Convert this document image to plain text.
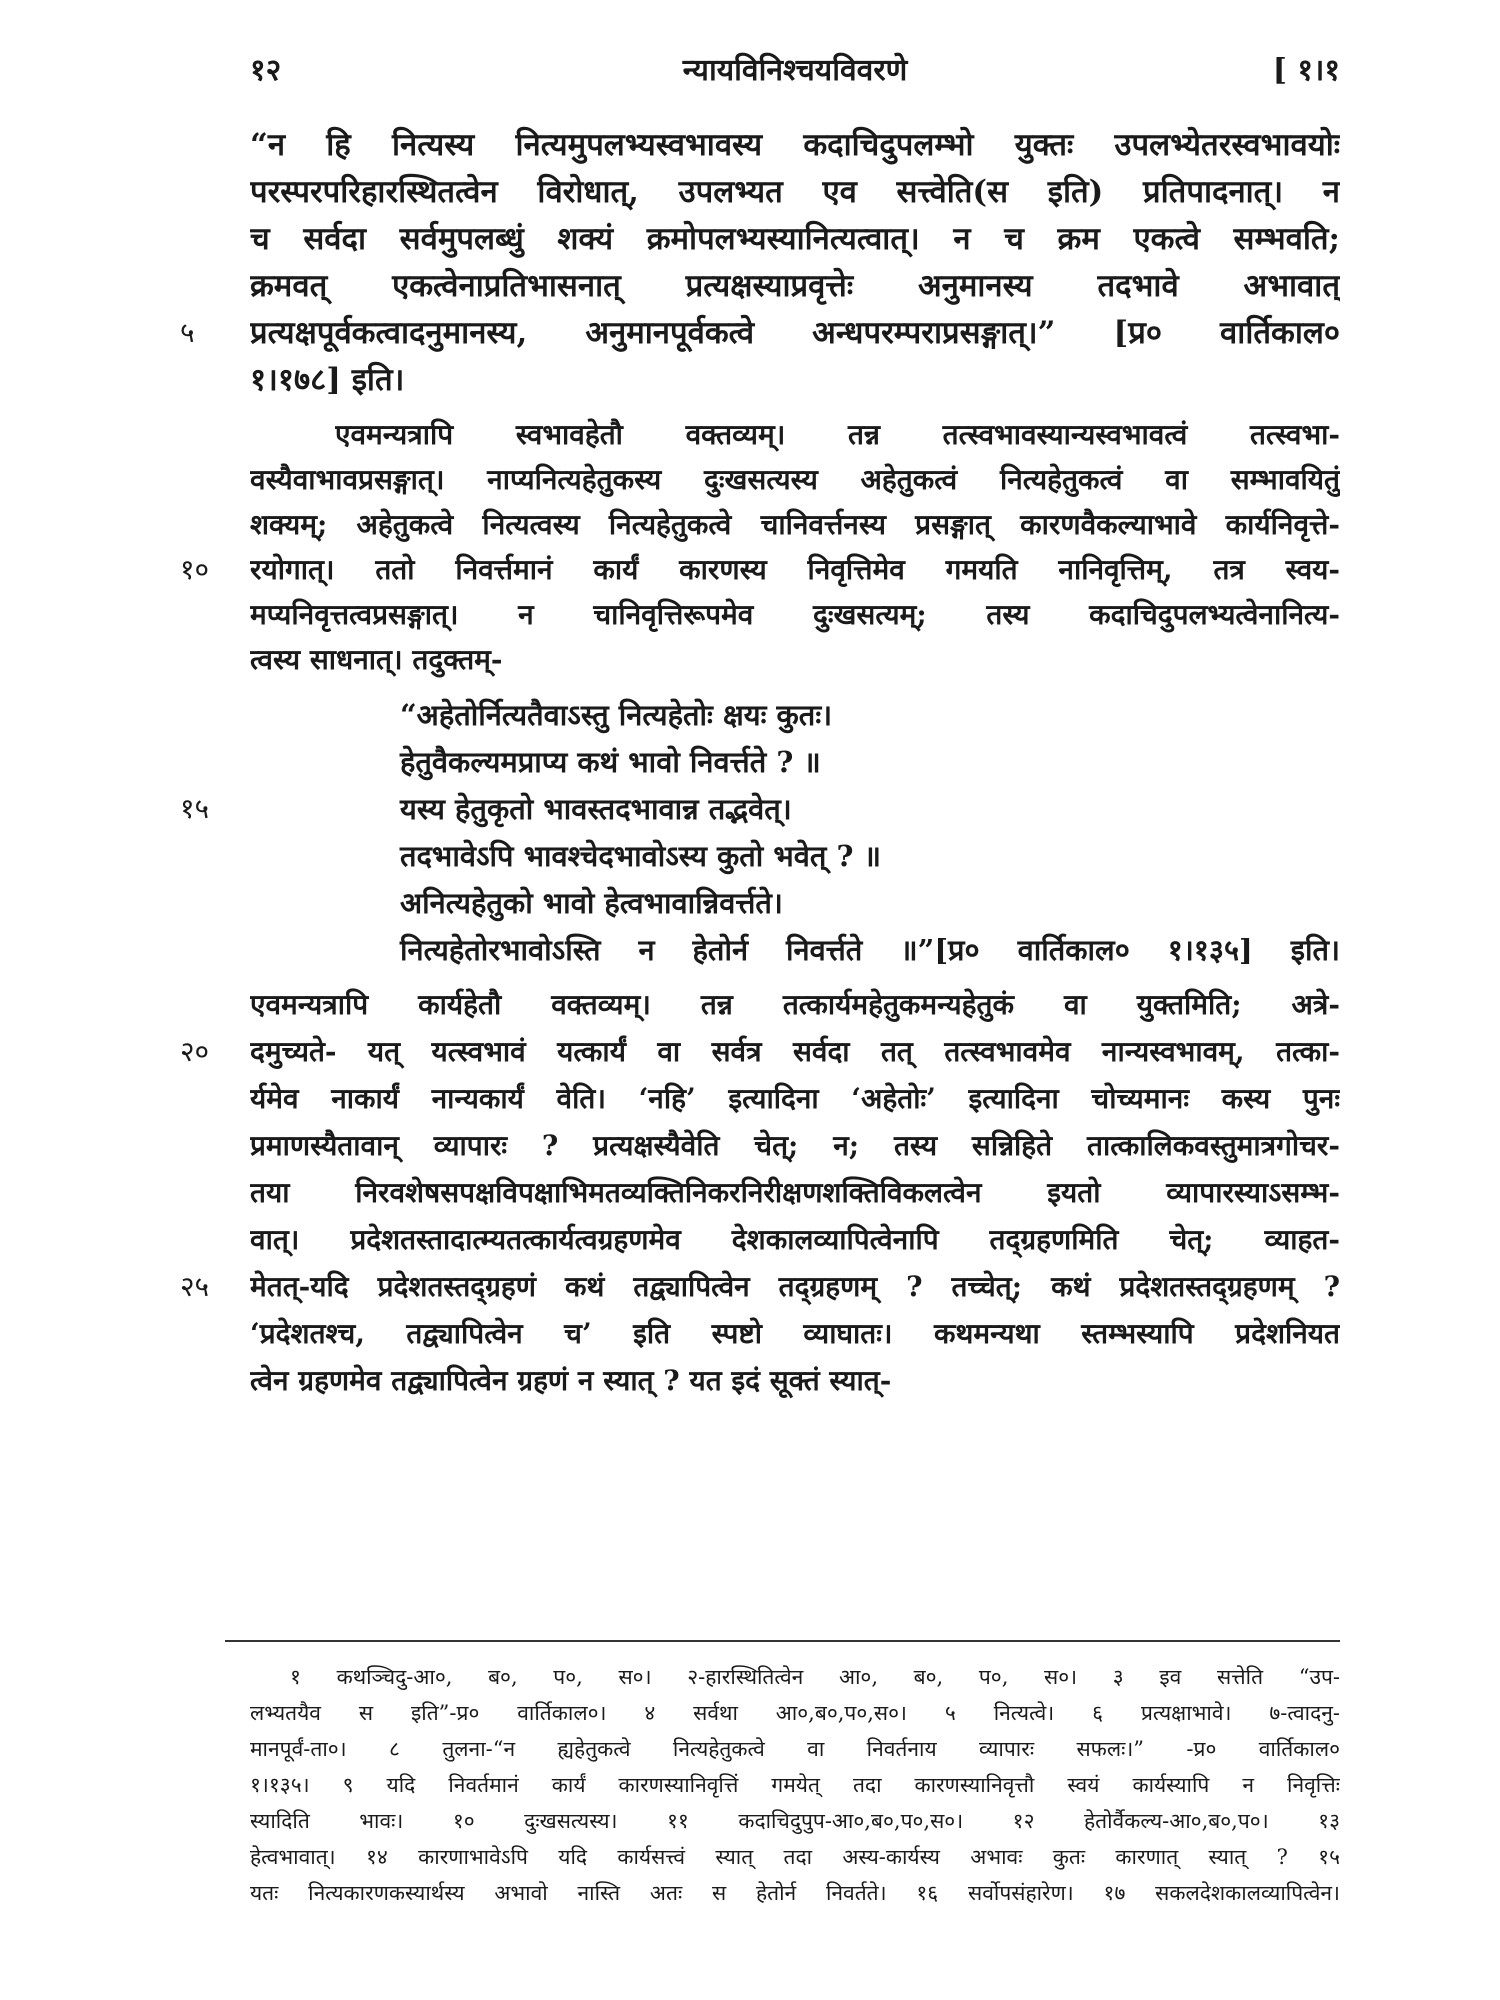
१२	न्यायविनिश्चयविवरणे	[ १।१
“न हि नित्यस्य नित्यमुपलभ्यस्वभावस्य कदाचिदुपलम्भो युक्तः उपलभ्येतरस्वभावयोः
परस्परपरिहारस्थितत्वेन विरोधात्, उपलभ्यत एव सत्त्वेति(स इति) प्रतिपादनात्। न
च सर्वदा सर्वमुपलब्धुं शक्यं क्रमोपलभ्यस्यानित्यत्वात्। न च क्रम एकत्वे सम्भवति;
क्रमवत् एकत्वेनाप्रतिभासनात् प्रत्यक्षस्याप्रवृत्तेः अनुमानस्य तदभावे अभावात्
५ प्रत्यक्षपूर्वकत्वादनुमानस्य, अनुमानपूर्वकत्वे अन्धपरम्पराप्रसङ्गात्।” [प्र० वार्तिकाल०
१।१७८] इति।
एवमन्यत्रापि स्वभावहेतौ वक्तव्यम्। तन्न तत्स्वभावस्यान्यस्वभावत्वं तत्स्वभा-
वस्यैवाभावप्रसङ्गात्। नाप्यनित्यहेतुकस्य दुःखसत्यस्य अहेतुकत्वं नित्यहेतुकत्वं वा सम्भावयितुं
शक्यम्; अहेतुकत्वे नित्यत्वस्य नित्यहेतुकत्वे चानिवर्त्तनस्य प्रसङ्गात् कारणवैकल्याभावे कार्यनिवृत्ते-
१० रयोगात्। ततो निवर्त्तमानं कार्यं कारणस्य निवृत्तिमेव गमयति नानिवृत्तिम्, तत्र स्वय-
मप्यनिवृत्तत्वप्रसङ्गात्। न चानिवृत्तिरूपमेव दुःखसत्यम्; तस्य कदाचिदुपलभ्यत्वेनानित्य-
त्वस्य साधनात्। तदुक्तम्-
“अहेतोर्नित्यतैवाऽस्तु नित्यहेतोः क्षयः कुतः।
हेतुवैकल्यमप्राप्य कथं भावो निवर्त्तते ? ॥
१५	यस्य हेतुकृतो भावस्तदभावान्न तद्भवेत्।
तदभावेऽपि भावश्चेदभावोऽस्य कुतो भवेत् ? ॥
अनित्यहेतुको भावो हेत्वभावान्निवर्त्तते।
नित्यहेतोरभावोऽस्ति न हेतोर्न निवर्त्तते ॥”[प्र० वार्तिकाल० १।१३५] इति।
एवमन्यत्रापि कार्यहेतौ वक्तव्यम्। तन्न तत्कार्यमहेतुकमन्यहेतुकं वा युक्तमिति; अत्रे-
२० दमुच्यते- यत् यत्स्वभावं यत्कार्यं वा सर्वत्र सर्वदा तत् तत्स्वभावमेव नान्यस्वभावम्, तत्का-
र्यमेव नाकार्यं नान्यकार्यं वेति। ‘नहि’ इत्यादिना ‘अहेतोः’ इत्यादिना चोच्यमानः कस्य पुनः
प्रमाणस्यैतावान् व्यापारः ? प्रत्यक्षस्यैवेति चेत्; न; तस्य सन्निहिते तात्कालिकवस्तुमात्रगोचर-
तया निरवशेषसपक्षविपक्षाभिमतव्यक्तिनिकरनिरीक्षणशक्तिविकलत्वेन इयतो व्यापारस्याऽसम्भ-
वात्। प्रदेशतस्तादात्म्यतत्कार्यत्वग्रहणमेव देशकालव्यापित्वेनापि तद्ग्रहणमिति चेत्; व्याहत-
२५ मेतत्-यदि प्रदेशतस्तद्ग्रहणं कथं तद्व्यापित्वेन तद्ग्रहणम् ? तच्चेत्; कथं प्रदेशतस्तद्ग्रहणम् ?
‘प्रदेशतश्च, तद्व्यापित्वेन च’ इति स्पष्टो व्याघातः। कथमन्यथा स्तम्भस्यापि प्रदेशनियत
त्वेन ग्रहणमेव तद्व्यापित्वेन ग्रहणं न स्यात् ? यत इदं सूक्तं स्यात्-
१ कथञ्चिदु-आ०, ब०, प०, स०। २-हारस्थितित्वेन आ०, ब०, प०, स०। ३ इव सत्तेति “उप-
लभ्यतयैव स इति”-प्र० वार्तिकाल०। ४ सर्वथा आ०,ब०,प०,स०। ५ नित्यत्वे। ६ प्रत्यक्षाभावे। ७-त्वादनु-
मानपूर्वं-ता०। ८ तुलना-“न ह्यहेतुकत्वे नित्यहेतुकत्वे वा निवर्तनाय व्यापारः सफलः।” -प्र० वार्तिकाल०
१।१३५। ९ यदि निवर्तमानं कार्यं कारणस्यानिवृत्तिं गमयेत् तदा कारणस्यानिवृत्तौ स्वयं कार्यस्यापि न निवृत्तिः
स्यादिति भावः। १० दुःखसत्यस्य। ११ कदाचिदुपुप-आ०,ब०,प०,स०। १२ हेतोर्वैकल्य-आ०,ब०,प०। १३
हेत्वभावात्। १४ कारणाभावेऽपि यदि कार्यसत्त्वं स्यात् तदा अस्य-कार्यस्य अभावः कुतः कारणात् स्यात् ? १५
यतः नित्यकारणकस्यार्थस्य अभावो नास्ति अतः स हेतोर्न निवर्तते। १६ सर्वोपसंहारेण। १७ सकलदेशकालव्यापित्वेन।
